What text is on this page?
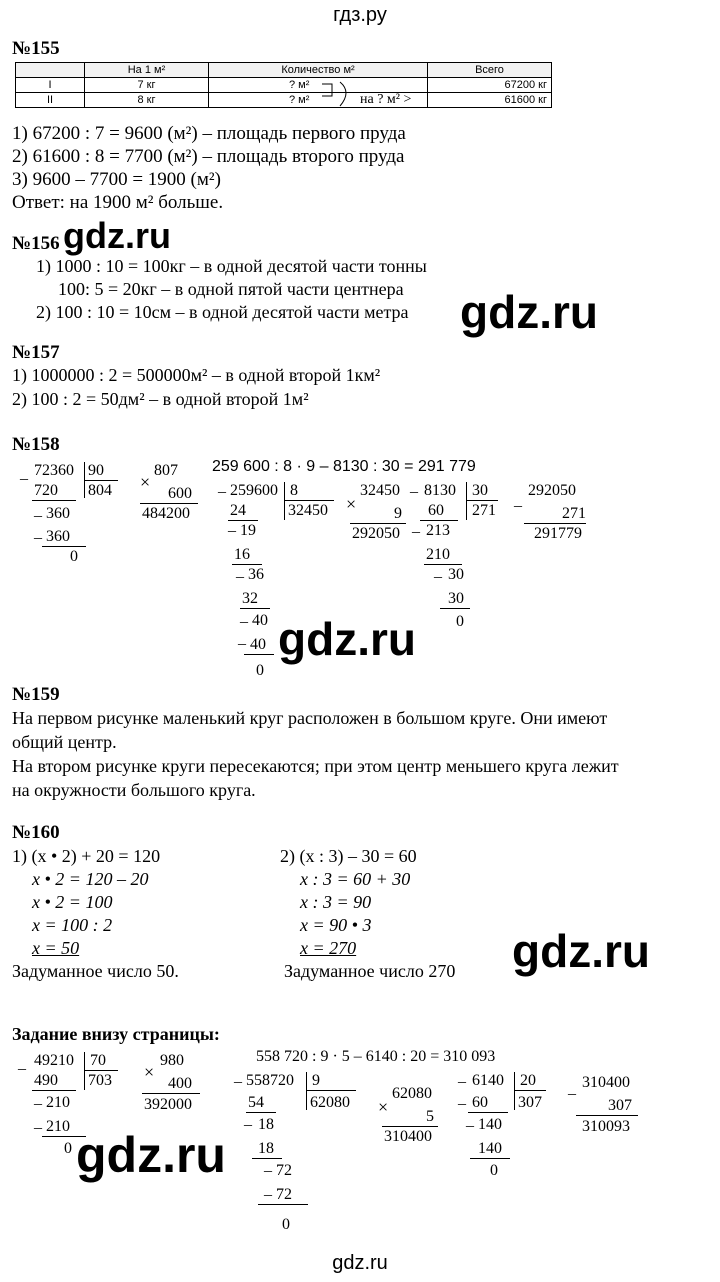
гдз.ру
№155
	На 1 м²	Количество м²	Всего
I	7 кг	? м²	67200 кг
II	8 кг	? м²	61600 кг
на ? м² >
1) 67200 : 7 = 9600 (м²) – площадь первого пруда
2) 61600 : 8 = 7700 (м²) – площадь второго пруда
3) 9600 – 7700 = 1900 (м²)
Ответ: на 1900 м² больше.
№156 gdz.ru
1) 1000 : 10 = 100кг – в одной десятой части тонны
100: 5 = 20кг – в одной пятой части центнера
2) 100 : 10 = 10см – в одной десятой части метра gdz.ru
№157
1) 1000000 : 2 = 500000м² – в одной второй 1км²
2) 100 : 2 = 50дм² – в одной второй 1м²
№158
259 600 : 8 · 9 – 8130 : 30 = 291 779
_ 72360 90
720 804
_ 360
_ 360
0
807
×
600
484200
_ 259600 8
24	32450
_ 19
16
_ 36
32
_ 40
_ 40
0
32450
× 9
292050
_ 8130 30
60 271
_ 213
210
_ 30
30
0
_
292050
271
291779
gdz.ru
№159
На первом рисунке маленький круг расположен в большом круге. Они имеют
общий центр.
На втором рисунке круги пересекаются; при этом центр меньшего круга лежит
на окружности большого круга.
№160
1) (x • 2) + 20 = 120
x • 2 = 120 – 20
x • 2 = 100
x = 100 : 2
x = 50
Задуманное число 50.
2) (x : 3) – 30 = 60
x : 3 = 60 + 30
x : 3 = 90
x = 90 • 3
x = 270
Задуманное число 270 gdz.ru
Задание внизу страницы:
558 720 : 9 · 5 – 6140 : 20 = 310 093
_ 49210 70
490 703
_ 210
_ 210
0
980
×
400
392000
_ 558720 9
54	62080
_ 18
18
_ 72
_ 72
0
62080
× 5
310400
_ 6140 20
_ 60 307
_ 140
140
0
_ 310400
307
310093
gdz.ru
gdz.ru
